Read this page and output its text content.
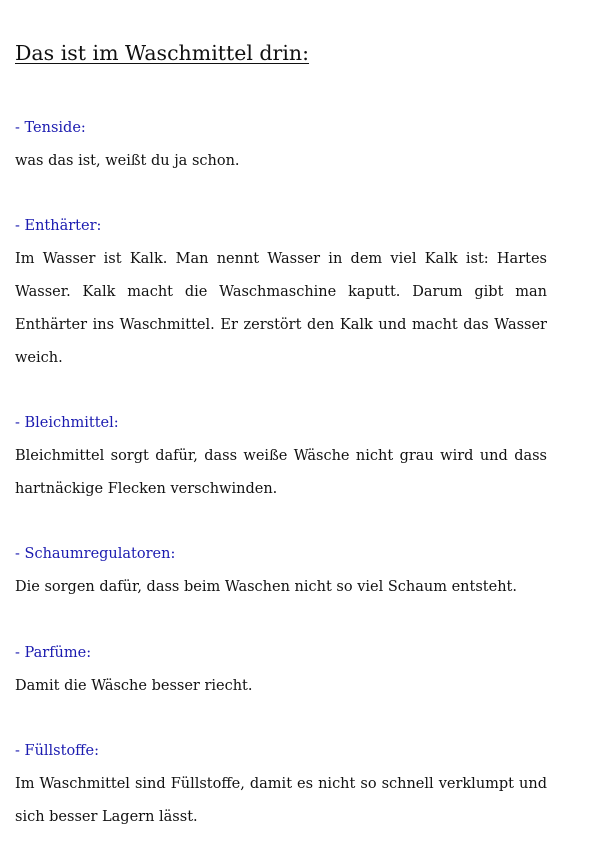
Das ist im Waschmittel drin:

- Tenside:

was das ist, weißt du ja schon.

- Enthärter:

Im Wasser ist Kalk. Man nennt Wasser in dem viel Kalk ist: Hartes Wasser. Kalk macht die Waschmaschine kaputt. Darum gibt man Enthärter ins Waschmittel. Er zerstört den Kalk und macht das Wasser weich.

- Bleichmittel:

Bleichmittel sorgt dafür, dass weiße Wäsche nicht grau wird und dass hartnäckige Flecken verschwinden.

- Schaumregulatoren:

Die sorgen dafür, dass beim Waschen nicht so viel Schaum entsteht.

- Parfüme:

Damit die Wäsche besser riecht.

- Füllstoffe:

Im Waschmittel sind Füllstoffe, damit es nicht so schnell verklumpt und sich besser Lagern lässt.
